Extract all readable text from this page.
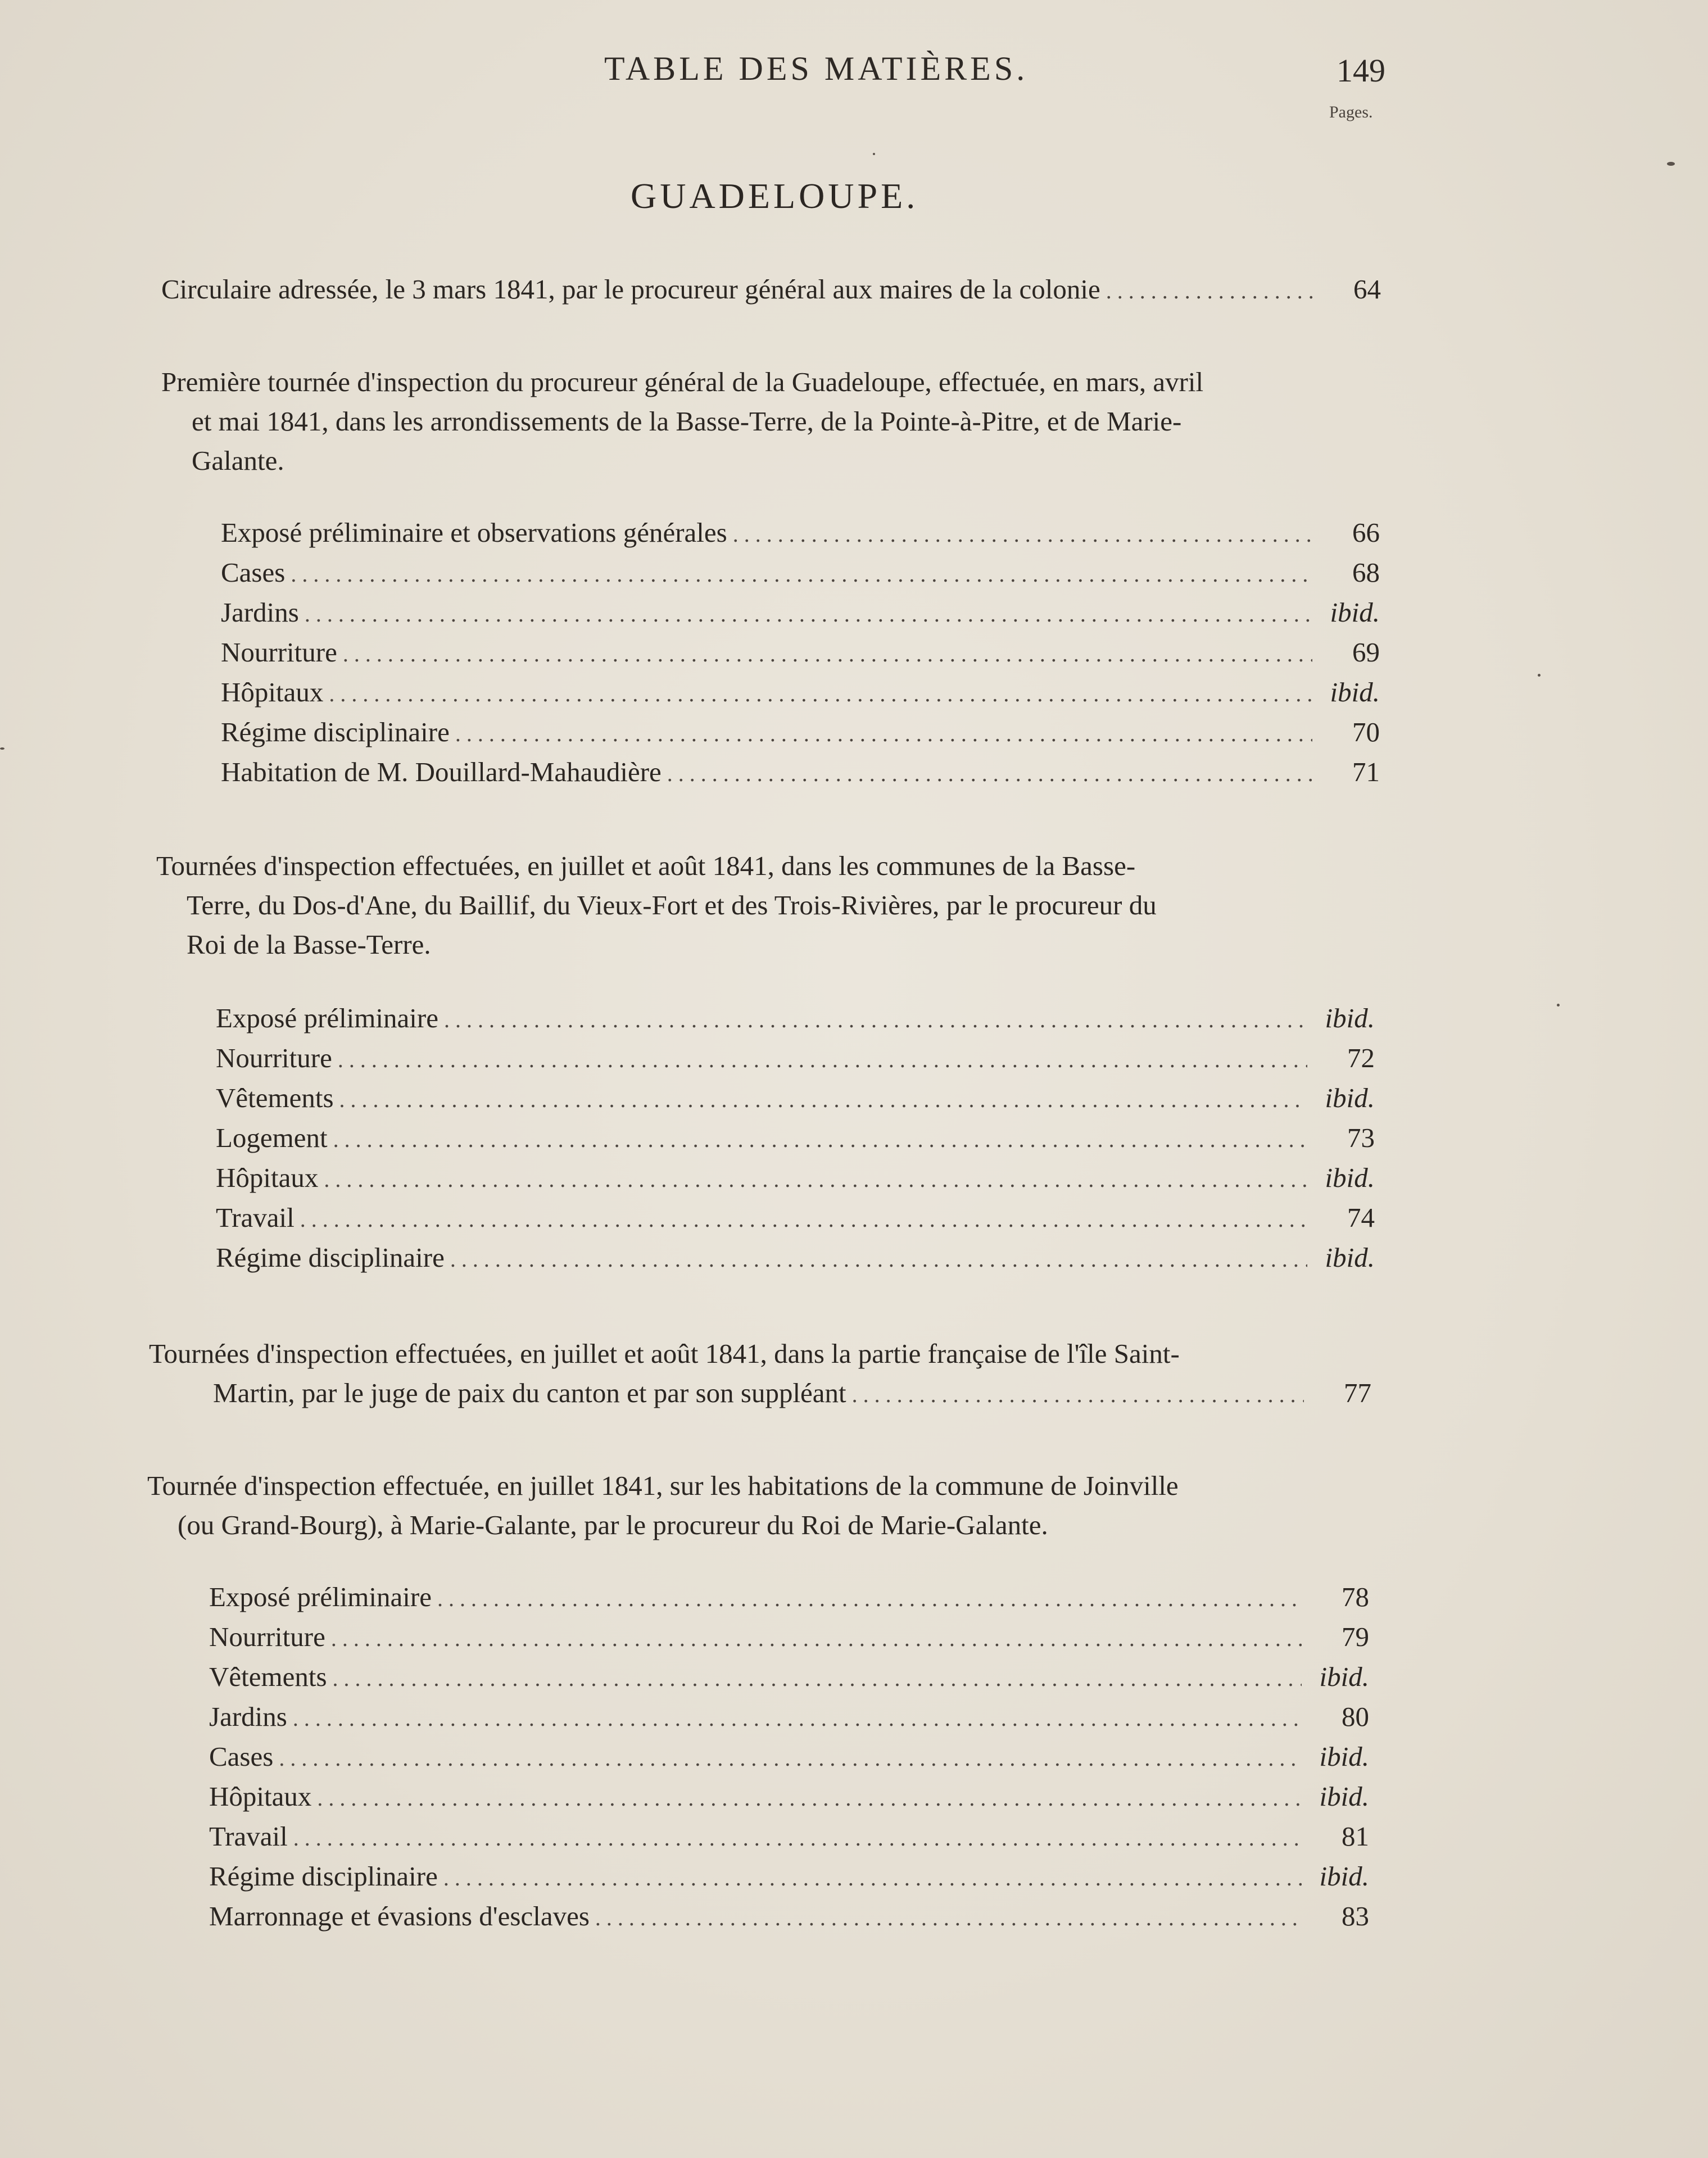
TABLE DES MATIÈRES.	149
Pages.
GUADELOUPE.
Circulaire adressée, le 3 mars 1841, par le procureur général aux maires de la colonie . . .	64
Première tournée d'inspection du procureur général de la Guadeloupe, effectuée, en mars, avril
et mai 1841, dans les arrondissements de la Basse-Terre, de la Pointe-à-Pitre, et de Marie-
Galante.
Exposé préliminaire et observations générales . . .	66
Cases . . .	68
Jardins . . .	ibid.
Nourriture . . .	69
Hôpitaux . . .	ibid.
Régime disciplinaire . . .	70
Habitation de M. Douillard-Mahaudière . . .	71
Tournées d'inspection effectuées, en juillet et août 1841, dans les communes de la Basse-
Terre, du Dos-d'Ane, du Baillif, du Vieux-Fort et des Trois-Rivières, par le procureur du
Roi de la Basse-Terre.
Exposé préliminaire . . .	ibid.
Nourriture . . .	72
Vêtements . . .	ibid.
Logement . . .	73
Hôpitaux . . .	ibid.
Travail . . .	74
Régime disciplinaire . . .	ibid.
Tournées d'inspection effectuées, en juillet et août 1841, dans la partie française de l'île Saint-
Martin, par le juge de paix du canton et par son suppléant . . .	77
Tournée d'inspection effectuée, en juillet 1841, sur les habitations de la commune de Joinville
(ou Grand-Bourg), à Marie-Galante, par le procureur du Roi de Marie-Galante.
Exposé préliminaire . . .	78
Nourriture . . .	79
Vêtements . . .	ibid.
Jardins . . .	80
Cases . . .	ibid.
Hôpitaux . . .	ibid.
Travail . . .	81
Régime disciplinaire . . .	ibid.
Marronnage et évasions d'esclaves . . .	83
